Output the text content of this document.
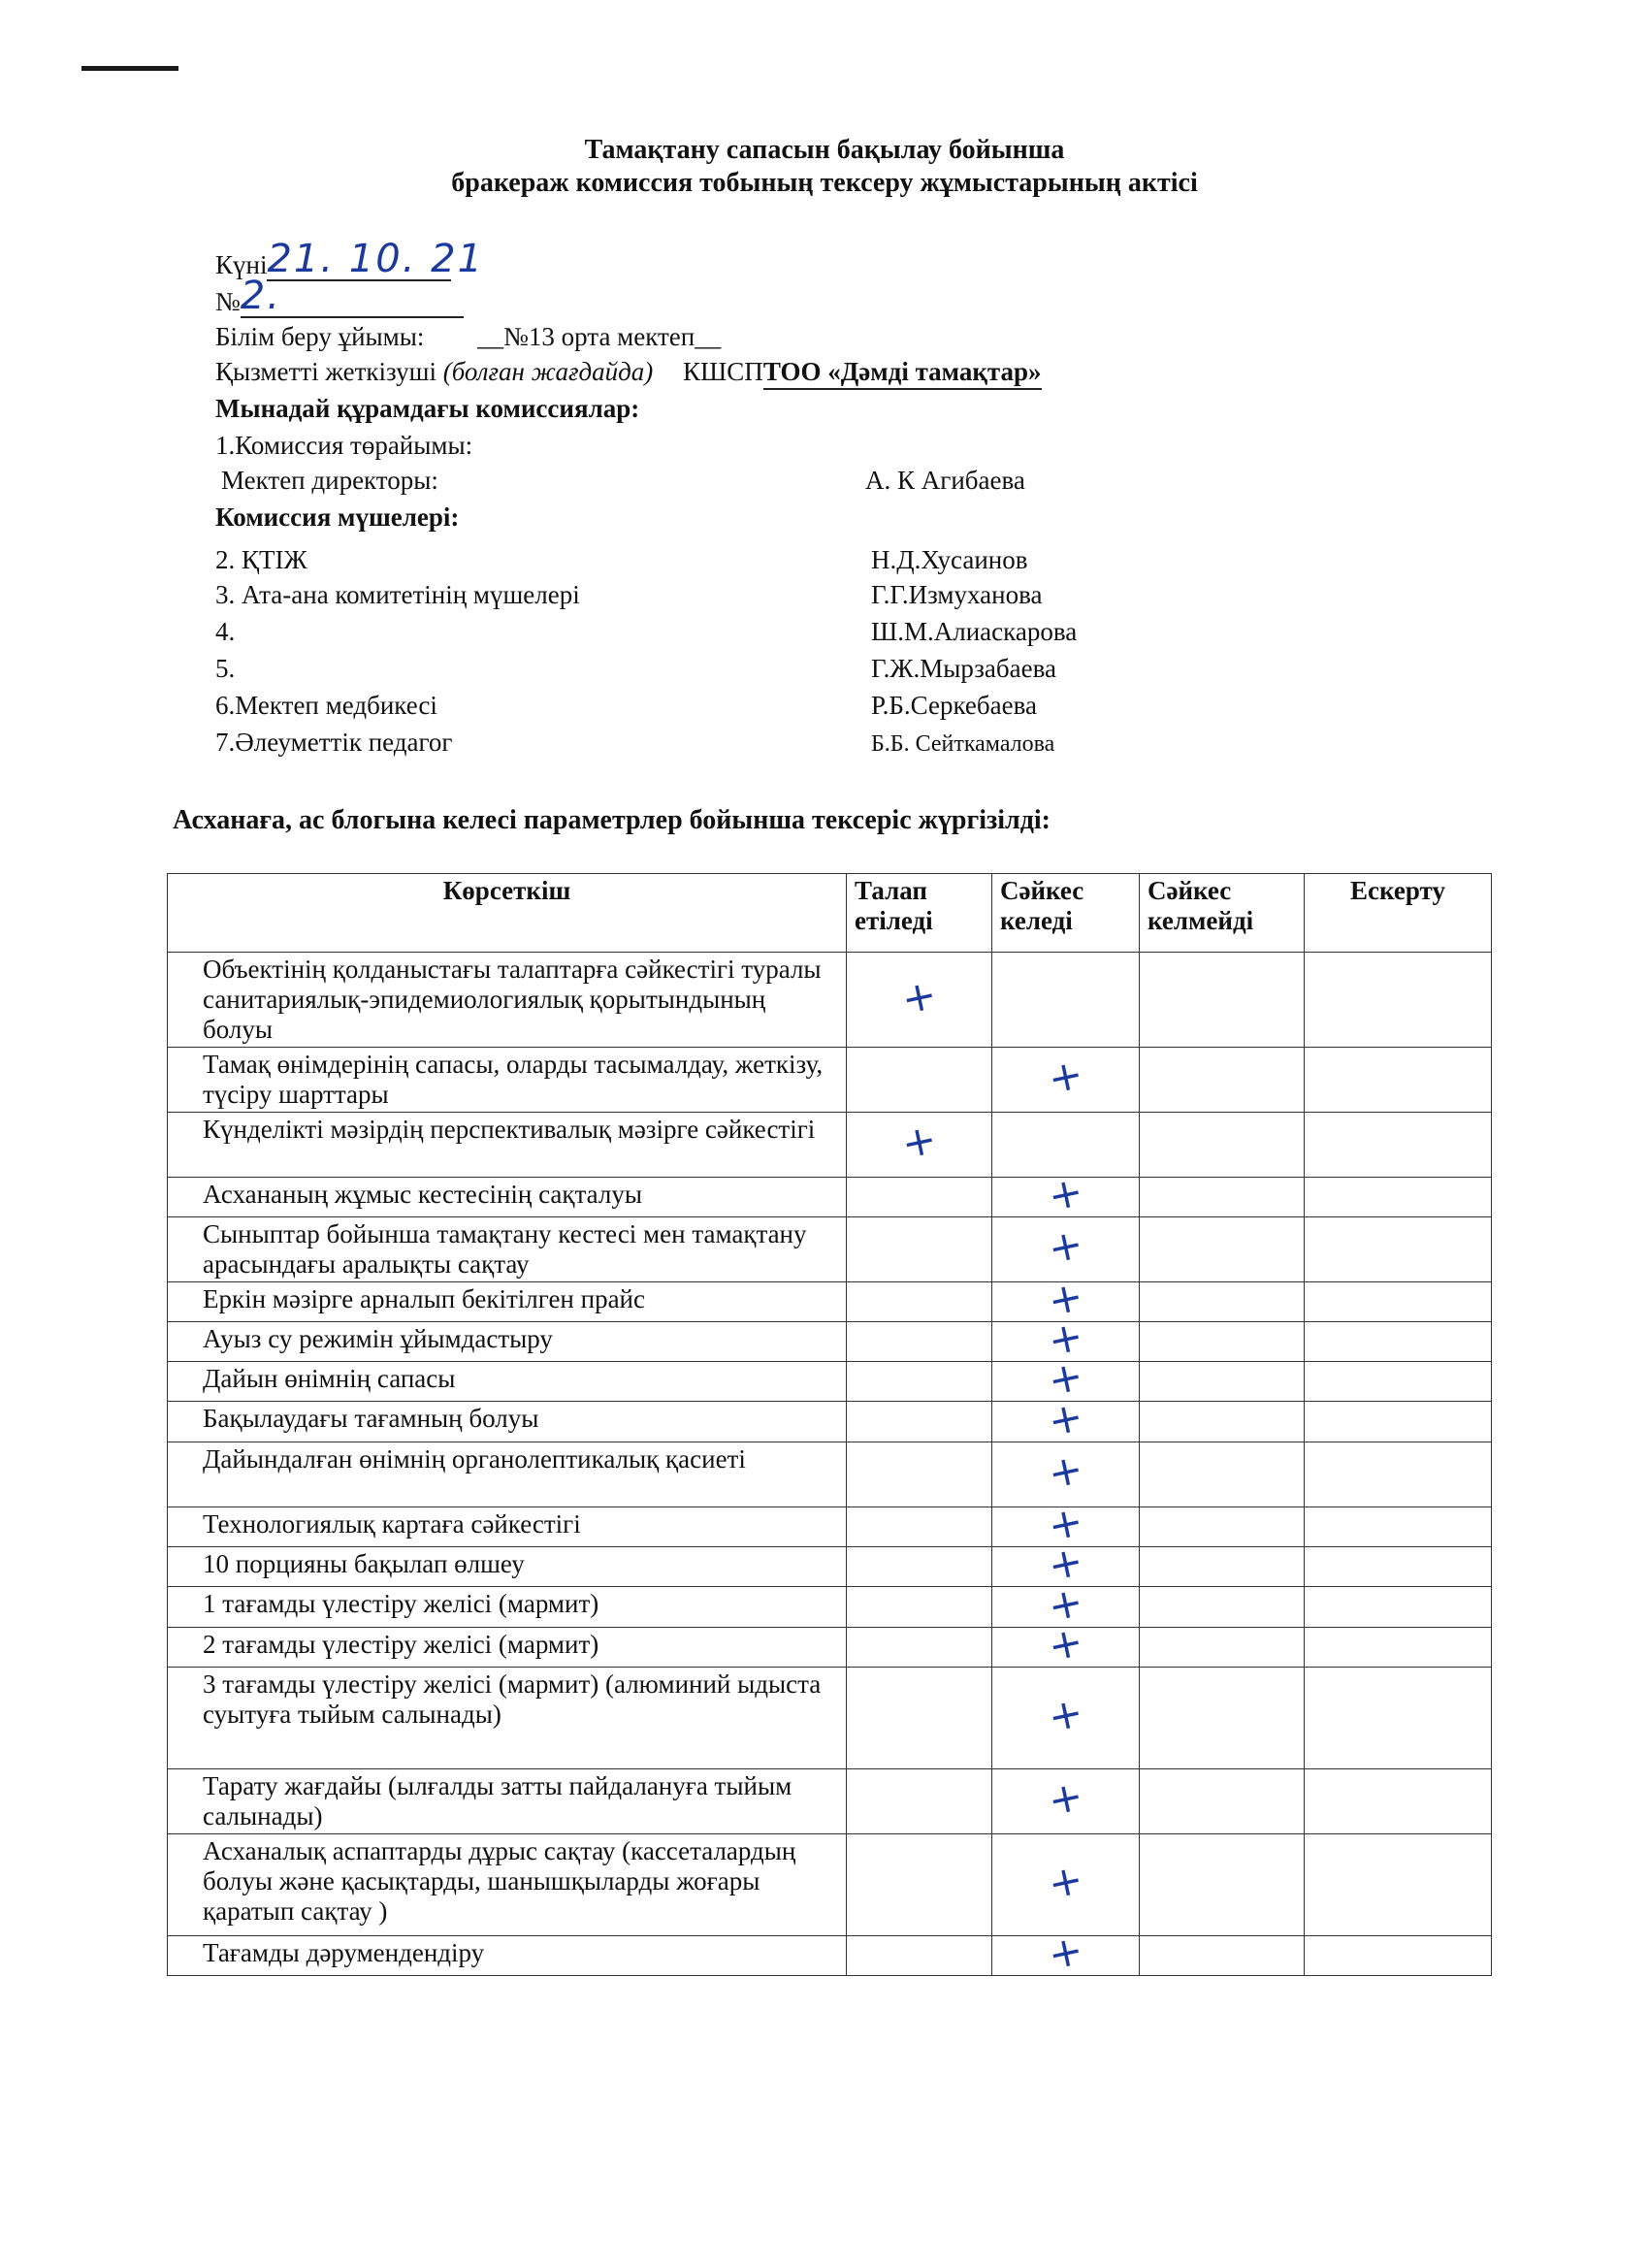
Тамақтану сапасын бақылау бойынша
бракераж комиссия тобының тексеру жұмыстарының актісі
Күні21. 10. 21
№2.
Білім беру ұйымы: __№13 орта мектеп__
Қызметті жеткізуші (болған жағдайда) КШСПТОО «Дәмді тамақтар»
Мынадай құрамдағы комиссиялар:
1.Комиссия төрайымы:
Мектеп директоры:	А. К Агибаева
Комиссия мүшелері:
2. ҚТІЖ	Н.Д.Хусаинов
3. Ата-ана комитетінің мүшелері	Г.Г.Измуханова
4.	Ш.М.Алиаскарова
5.	Г.Ж.Мырзабаева
6.Мектеп медбикесі	Р.Б.Серкебаева
7.Әлеуметтік педагог	Б.Б. Сейткамалова
Асханаға, ас блогына келесі параметрлер бойынша тексеріс жүргізілді:
Көрсеткіш	Талап етіледі	Сәйкес келеді	Сәйкес келмейді	Ескерту
Объектінің қолданыстағы талаптарға сәйкестігі туралы санитариялық-эпидемиологиялық қорытындының болуы	+			
Тамақ өнімдерінің сапасы, оларды тасымалдау, жеткізу, түсіру шарттары		+		
Күнделікті мәзірдің перспективалық мәзірге сәйкестігі	+			
Асхананың жұмыс кестесінің сақталуы		+		
Сыныптар бойынша тамақтану кестесі мен тамақтану арасындағы аралықты сақтау		+		
Еркін мәзірге арналып бекітілген прайс		+		
Ауыз су режимін ұйымдастыру		+		
Дайын өнімнің сапасы		+		
Бақылаудағы тағамның болуы		+		
Дайындалған өнімнің органолептикалық қасиеті		+		
Технологиялық картаға сәйкестігі		+		
10 порцияны бақылап өлшеу		+		
1 тағамды үлестіру желісі (мармит)		+		
2 тағамды үлестіру желісі (мармит)		+		
3 тағамды үлестіру желісі (мармит) (алюминий ыдыста суытуға тыйым салынады)		+		
Тарату жағдайы (ылғалды затты пайдалануға тыйым салынады)		+		
Асханалық аспаптарды дұрыс сақтау (кассеталардың болуы және қасықтарды, шанышқыларды жоғары қаратып сақтау )		+		
Тағамды дәрумендендіру		+		
